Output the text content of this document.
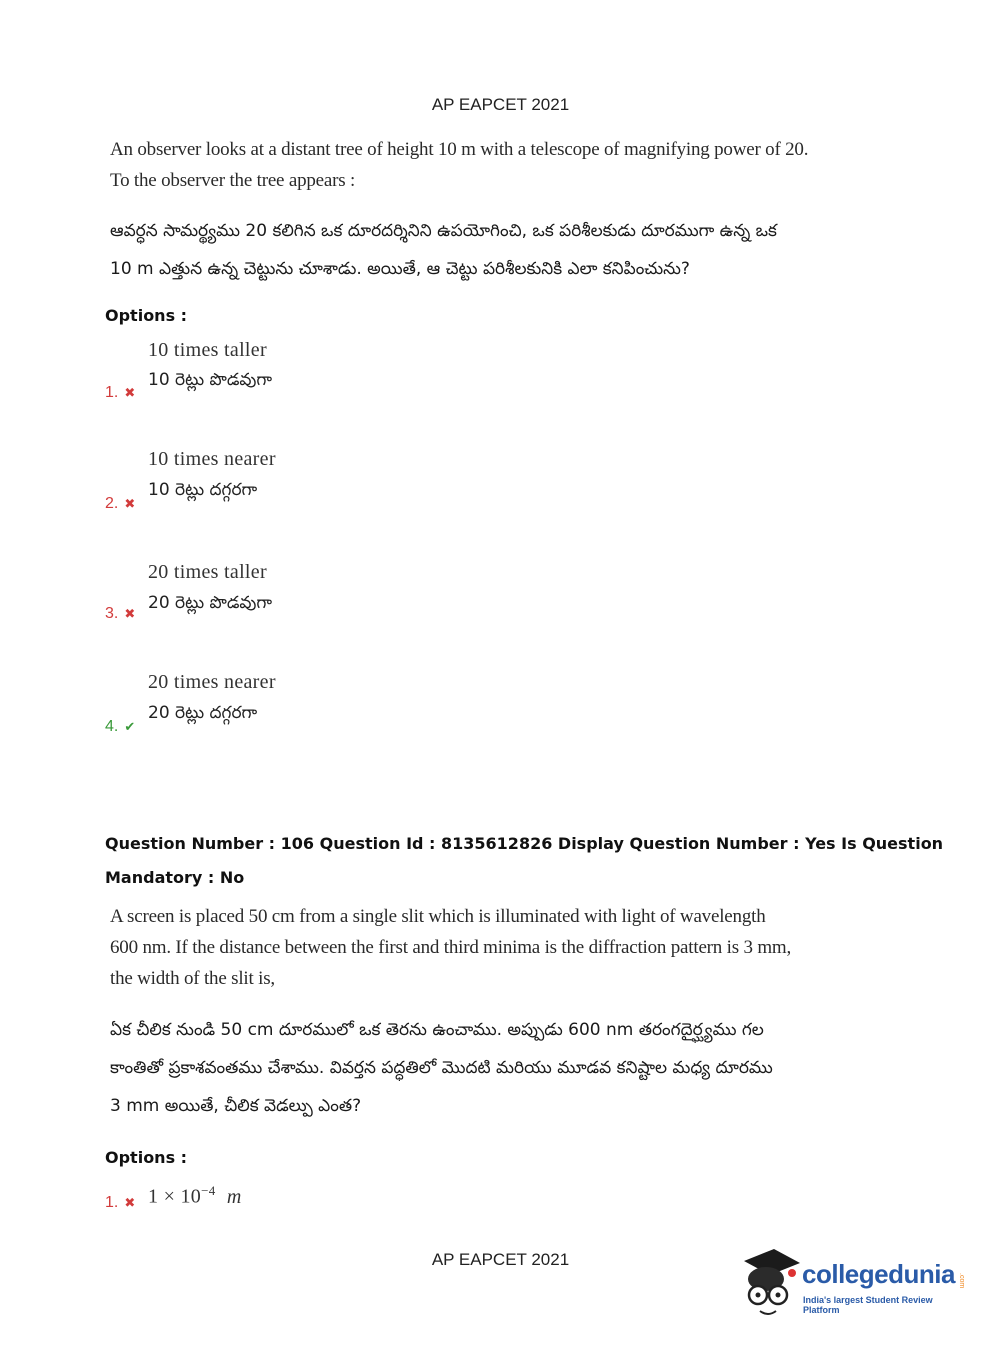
AP EAPCET 2021
An observer looks at a distant tree of height 10 m with a telescope of magnifying power of 20.
To the observer the tree appears :
ఆవర్ధన సామర్థ్యము 20 కలిగిన ఒక దూరదర్శినిని ఉపయోగించి, ఒక పరిశీలకుడు దూరముగా ఉన్న ఒక
10 m ఎత్తున ఉన్న చెట్టును చూశాడు. అయితే, ఆ చెట్టు పరిశీలకునికి ఎలా కనిపించును?
Options :
10 times taller
10 రెట్లు పొడవుగా
1. ✖
10 times nearer
10 రెట్లు దగ్గరగా
2. ✖
20 times taller
20 రెట్లు పొడవుగా
3. ✖
20 times nearer
20 రెట్లు దగ్గరగా
4. ✔
Question Number : 106 Question Id : 8135612826 Display Question Number : Yes Is Question
Mandatory : No
A screen is placed 50 cm from a single slit which is illuminated with light of wavelength
600 nm. If the distance between the first and third minima is the diffraction pattern is 3 mm,
the width of the slit is,
ఏక చీలిక నుండి 50 cm దూరములో ఒక తెరను ఉంచాము. అప్పుడు 600 nm తరంగదైర్ఘ్యము గల
కాంతితో ప్రకాశవంతము చేశాము. వివర్తన పద్ధతిలో మొదటి మరియు మూడవ కనిష్టాల మధ్య దూరము
3 mm అయితే, చీలిక వెడల్పు ఎంత?
Options :
1. ✖ $1 \times 10^{-4}$ m
AP EAPCET 2021	collegedunia
India's largest Student Review Platform
.com
